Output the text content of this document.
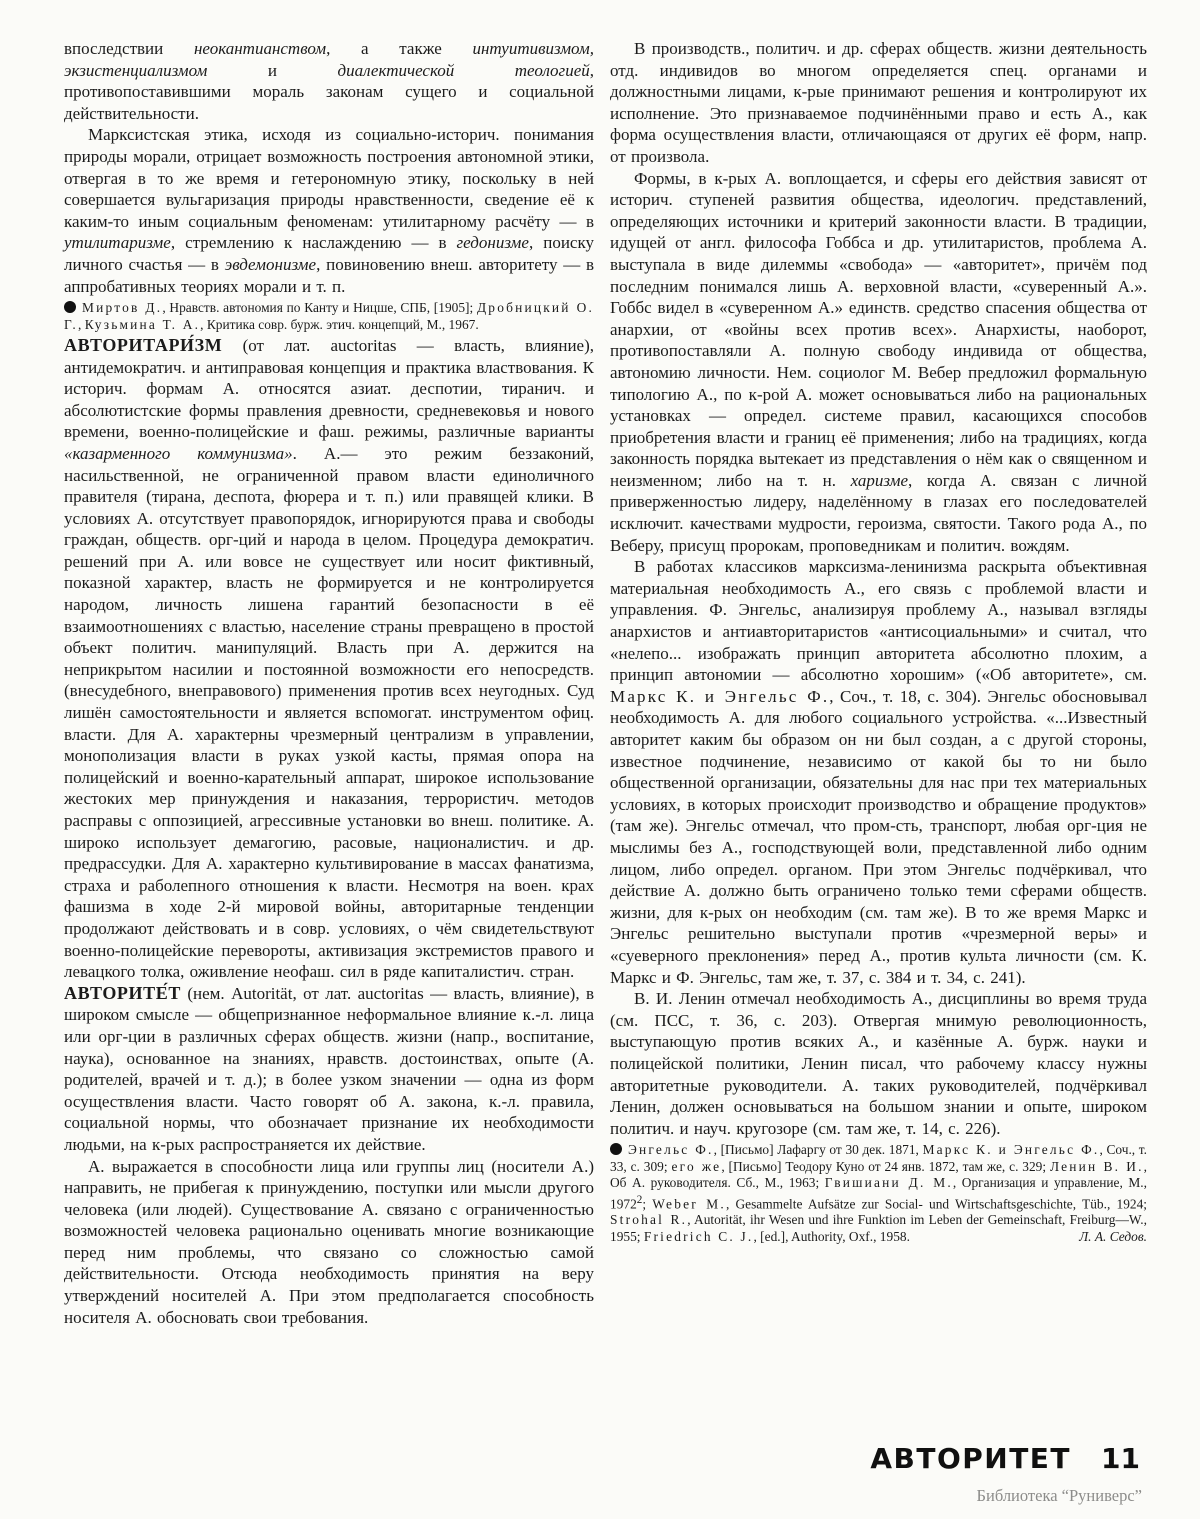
впоследствии неокантианством, а также интуитивизмом, экзистенциализмом и диалектической теологией, противопоставившими мораль законам сущего и социальной действительности.

Марксистская этика, исходя из социально-историч. понимания природы морали, отрицает возможность построения автономной этики, отвергая в то же время и гетерономную этику, поскольку в ней совершается вульгаризация природы нравственности, сведение её к каким-то иным социальным феноменам: утилитарному расчёту — в утилитаризме, стремлению к наслаждению — в гедонизме, поиску личного счастья — в эвдемонизме, повиновению внеш. авторитету — в аппробативных теориях морали и т. п.

Миртов Д., Нравств. автономия по Канту и Ницше, СПБ, [1905]; Дробницкий О. Г., Кузьмина Т. А., Критика совр. бурж. этич. концепций, М., 1967.

АВТОРИТАРИ́ЗМ (от лат. auctoritas — власть, влияние), антидемократич. и антиправовая концепция и практика властвования. К историч. формам А. относятся азиат. деспотии, тиранич. и абсолютистские формы правления древности, средневековья и нового времени, военно-полицейские и фаш. режимы, различные варианты «казарменного коммунизма». А.— это режим беззаконий, насильственной, не ограниченной правом власти единоличного правителя (тирана, деспота, фюрера и т. п.) или правящей клики. В условиях А. отсутствует правопорядок, игнорируются права и свободы граждан, обществ. орг-ций и народа в целом. Процедура демократич. решений при А. или вовсе не существует или носит фиктивный, показной характер, власть не формируется и не контролируется народом, личность лишена гарантий безопасности в её взаимоотношениях с властью, население страны превращено в простой объект политич. манипуляций. Власть при А. держится на неприкрытом насилии и постоянной возможности его непосредств. (внесудебного, внеправового) применения против всех неугодных. Суд лишён самостоятельности и является вспомогат. инструментом офиц. власти. Для А. характерны чрезмерный централизм в управлении, монополизация власти в руках узкой касты, прямая опора на полицейский и военно-карательный аппарат, широкое использование жестоких мер принуждения и наказания, террористич. методов расправы с оппозицией, агрессивные установки во внеш. политике. А. широко использует демагогию, расовые, националистич. и др. предрассудки. Для А. характерно культивирование в массах фанатизма, страха и раболепного отношения к власти. Несмотря на воен. крах фашизма в ходе 2-й мировой войны, авторитарные тенденции продолжают действовать и в совр. условиях, о чём свидетельствуют военно-полицейские перевороты, активизация экстремистов правого и левацкого толка, оживление неофаш. сил в ряде капиталистич. стран.

АВТОРИТЕ́Т (нем. Autorität, от лат. auctoritas — власть, влияние), в широком смысле — общепризнанное неформальное влияние к.-л. лица или орг-ции в различных сферах обществ. жизни (напр., воспитание, наука), основанное на знаниях, нравств. достоинствах, опыте (А. родителей, врачей и т. д.); в более узком значении — одна из форм осуществления власти. Часто говорят об А. закона, к.-л. правила, социальной нормы, что обозначает признание их необходимости людьми, на к-рых распространяется их действие.

А. выражается в способности лица или группы лиц (носители А.) направить, не прибегая к принуждению, поступки или мысли другого человека (или людей). Существование А. связано с ограниченностью возможностей человека рационально оценивать многие возникающие перед ним проблемы, что связано со сложностью самой действительности. Отсюда необходимость принятия на веру утверждений носителей А. При этом предполагается способность носителя А. обосновать свои требования.

В производств., политич. и др. сферах обществ. жизни деятельность отд. индивидов во многом определяется спец. органами и должностными лицами, к-рые принимают решения и контролируют их исполнение. Это признаваемое подчинёнными право и есть А., как форма осуществления власти, отличающаяся от других её форм, напр. от произвола.

Формы, в к-рых А. воплощается, и сферы его действия зависят от историч. ступеней развития общества, идеологич. представлений, определяющих источники и критерий законности власти. В традиции, идущей от англ. философа Гоббса и др. утилитаристов, проблема А. выступала в виде дилеммы «свобода» — «авторитет», причём под последним понимался лишь А. верховной власти, «суверенный А.». Гоббс видел в «суверенном А.» единств. средство спасения общества от анархии, от «войны всех против всех». Анархисты, наоборот, противопоставляли А. полную свободу индивида от общества, автономию личности. Нем. социолог М. Вебер предложил формальную типологию А., по к-рой А. может основываться либо на рациональных установках — определ. системе правил, касающихся способов приобретения власти и границ её применения; либо на традициях, когда законность порядка вытекает из представления о нём как о священном и неизменном; либо на т. н. харизме, когда А. связан с личной приверженностью лидеру, наделённому в глазах его последователей исключит. качествами мудрости, героизма, святости. Такого рода А., по Веберу, присущ пророкам, проповедникам и политич. вождям.

В работах классиков марксизма-ленинизма раскрыта объективная материальная необходимость А., его связь с проблемой власти и управления. Ф. Энгельс, анализируя проблему А., называл взгляды анархистов и антиавторитаристов «антисоциальными» и считал, что «нелепо... изображать принцип авторитета абсолютно плохим, а принцип автономии — абсолютно хорошим» («Об авторитете», см. Маркс К. и Энгельс Ф., Соч., т. 18, с. 304). Энгельс обосновывал необходимость А. для любого социального устройства. «...Известный авторитет каким бы образом он ни был создан, а с другой стороны, известное подчинение, независимо от какой бы то ни было общественной организации, обязательны для нас при тех материальных условиях, в которых происходит производство и обращение продуктов» (там же). Энгельс отмечал, что пром-сть, транспорт, любая орг-ция не мыслимы без А., господствующей воли, представленной либо одним лицом, либо определ. органом. При этом Энгельс подчёркивал, что действие А. должно быть ограничено только теми сферами обществ. жизни, для к-рых он необходим (см. там же). В то же время Маркс и Энгельс решительно выступали против «чрезмерной веры» и «суеверного преклонения» перед А., против культа личности (см. К. Маркс и Ф. Энгельс, там же, т. 37, с. 384 и т. 34, с. 241).

В. И. Ленин отмечал необходимость А., дисциплины во время труда (см. ПСС, т. 36, с. 203). Отвергая мнимую революционность, выступающую против всяких А., и казённые А. бурж. науки и полицейской политики, Ленин писал, что рабочему классу нужны авторитетные руководители. А. таких руководителей, подчёркивал Ленин, должен основываться на большом знании и опыте, широком политич. и науч. кругозоре (см. там же, т. 14, с. 226).

Энгельс Ф., [Письмо] Лафаргу от 30 дек. 1871, Маркс К. и Энгельс Ф., Соч., т. 33, с. 309; его же, [Письмо] Теодору Куно от 24 янв. 1872, там же, с. 329; Ленин В. И., Об А. руководителя. Сб., М., 1963; Гвишиани Д. М., Организация и управление, М., 1972$^2$; Weber M., Gesammelte Aufsätze zur Social- und Wirtschaftsgeschichte, Tüb., 1924; Strohal R., Autorität, ihr Wesen und ihre Funktion im Leben der Gemeinschaft, Freiburg—W., 1955; Friedrich C. J., [ed.], Authority, Oxf., 1958.	Л. А. Седов.

АВТОРИТЕТ 11
Библиотека “Руниверс”
